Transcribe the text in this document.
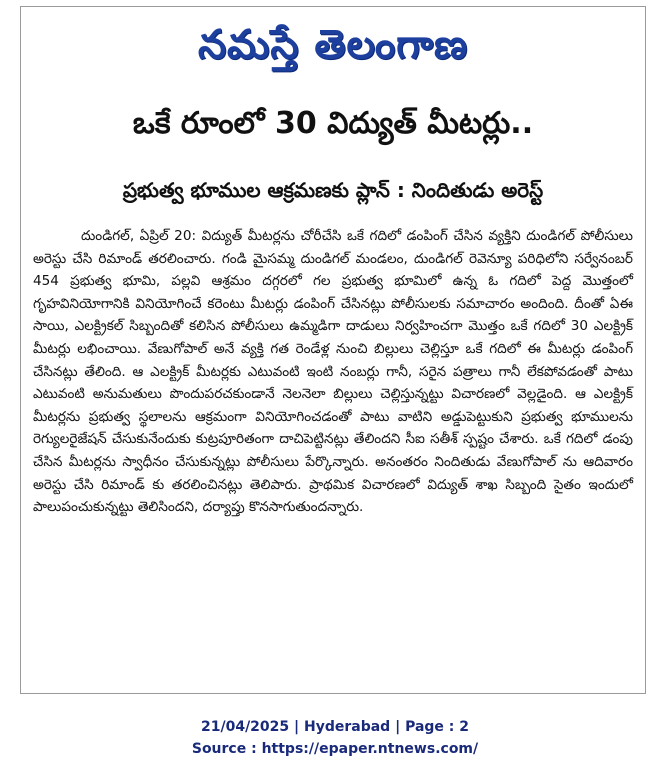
నమస్తే తెలంగాణ
ఒకే రూంలో 30 విద్యుత్ మీటర్లు..
ప్రభుత్వ భూముల ఆక్రమణకు ప్లాన్ : నిందితుడు అరెస్ట్

దుండిగల్, ఏప్రిల్ 20: విద్యుత్ మీటర్లను చోరీచేసి ఒకే గదిలో డంపింగ్ చేసిన వ్యక్తిని దుండిగల్ పోలీసులు అరెస్టు చేసి రిమాండ్ తరలించారు. గండి మైసమ్మ దుండిగల్ మండలం, దుండిగల్ రెవెన్యూ పరిధిలోని సర్వేనంబర్ 454 ప్రభుత్వ భూమి, పల్లవి ఆశ్రమం దగ్గరలో గల ప్రభుత్వ భూమిలో ఉన్న ఓ గదిలో పెద్ద మొత్తంలో గృహవినియోగానికి వినియోగించే కరెంటు మీటర్లు డంపింగ్ చేసినట్లు పోలీసులకు సమాచారం అందింది. దీంతో ఏఈ సాయి, ఎలక్ట్రికల్ సిబ్బందితో కలిసిన పోలీసులు ఉమ్మడిగా దాడులు నిర్వహించగా మొత్తం ఒకే గదిలో 30 ఎలక్ట్రిక్ మీటర్లు లభించాయి. వేణుగోపాల్ అనే వ్యక్తి గత రెండేళ్ల నుంచి బిల్లులు చెల్లిస్తూ ఒకే గదిలో ఈ మీటర్లు డంపింగ్ చేసినట్లు తేలింది. ఆ ఎలక్ట్రిక్ మీటర్లకు ఎటువంటి ఇంటి నంబర్లు గానీ, సరైన పత్రాలు గానీ లేకపోవడంతో పాటు ఎటువంటి అనుమతులు పొందుపరచకుండానే నెలనెలా బిల్లులు చెల్లిస్తున్నట్టు విచారణలో వెల్లడైంది. ఆ ఎలక్ట్రిక్ మీటర్లను ప్రభుత్వ స్థలాలను ఆక్రమంగా వినియోగించడంతో పాటు వాటిని అడ్డుపెట్టుకుని ప్రభుత్వ భూములను రెగ్యులరైజేషన్ చేసుకునేందుకు కుట్రపూరితంగా దాచిపెట్టినట్లు తేలిందని సీఐ సతీశ్ స్పష్టం చేశారు. ఒకే గదిలో డంపు చేసిన మీటర్లను స్వాధీనం చేసుకున్నట్లు పోలీసులు పేర్కొన్నారు. అనంతరం నిందితుడు వేణుగోపాల్ ను ఆదివారం అరెస్టు చేసి రిమాండ్ కు తరలించినట్లు తెలిపారు. ప్రాథమిక విచారణలో విద్యుత్ శాఖ సిబ్బంది సైతం ఇందులో పాలుపంచుకున్నట్టు తెలిసిందని, దర్యాప్తు కొనసాగుతుందన్నారు.

21/04/2025 | Hyderabad | Page : 2
Source : https://epaper.ntnews.com/
